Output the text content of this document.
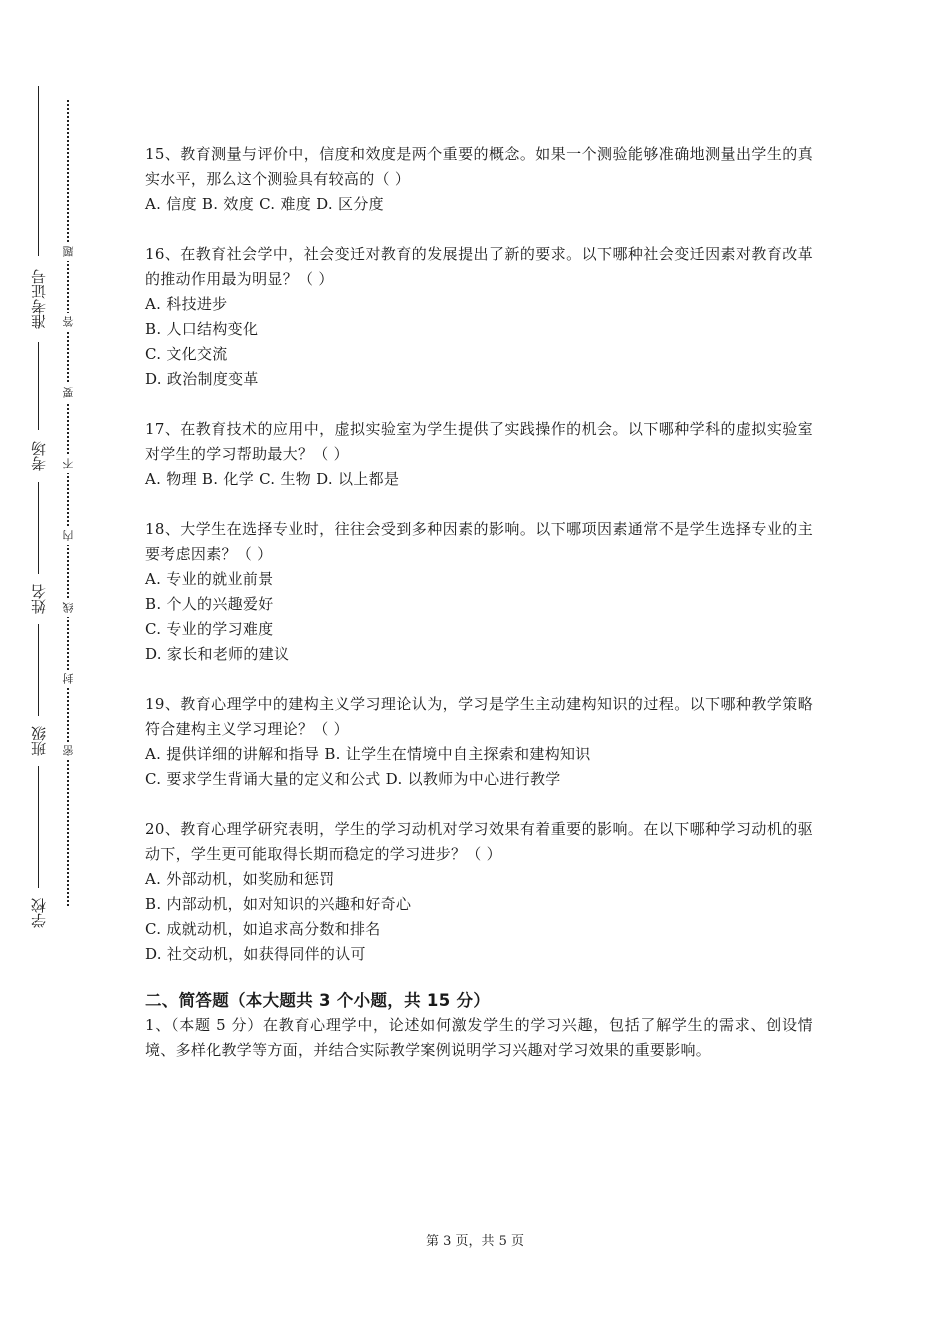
准考证号
考场
姓名
班级
学校
题
答
要
不
内
线
封
密

15、教育测量与评价中，信度和效度是两个重要的概念。如果一个测验能够准确地测量出学生的真实水平，那么这个测验具有较高的（ ）

A. 信度 B. 效度 C. 难度 D. 区分度

16、在教育社会学中，社会变迁对教育的发展提出了新的要求。以下哪种社会变迁因素对教育改革的推动作用最为明显？（ ）

A. 科技进步

B. 人口结构变化

C. 文化交流

D. 政治制度变革

17、在教育技术的应用中，虚拟实验室为学生提供了实践操作的机会。以下哪种学科的虚拟实验室对学生的学习帮助最大？（ ）

A. 物理 B. 化学 C. 生物 D. 以上都是

18、大学生在选择专业时，往往会受到多种因素的影响。以下哪项因素通常不是学生选择专业的主要考虑因素？（ ）

A. 专业的就业前景

B. 个人的兴趣爱好

C. 专业的学习难度

D. 家长和老师的建议

19、教育心理学中的建构主义学习理论认为，学习是学生主动建构知识的过程。以下哪种教学策略符合建构主义学习理论？（ ）

A. 提供详细的讲解和指导 B. 让学生在情境中自主探索和建构知识

C. 要求学生背诵大量的定义和公式 D. 以教师为中心进行教学

20、教育心理学研究表明，学生的学习动机对学习效果有着重要的影响。在以下哪种学习动机的驱动下，学生更可能取得长期而稳定的学习进步？（ ）

A. 外部动机，如奖励和惩罚

B. 内部动机，如对知识的兴趣和好奇心

C. 成就动机，如追求高分数和排名

D. 社交动机，如获得同伴的认可

二、简答题（本大题共 3 个小题，共 15 分）

1、（本题 5 分）在教育心理学中，论述如何激发学生的学习兴趣，包括了解学生的需求、创设情境、多样化教学等方面，并结合实际教学案例说明学习兴趣对学习效果的重要影响。

第 3 页，共 5 页
